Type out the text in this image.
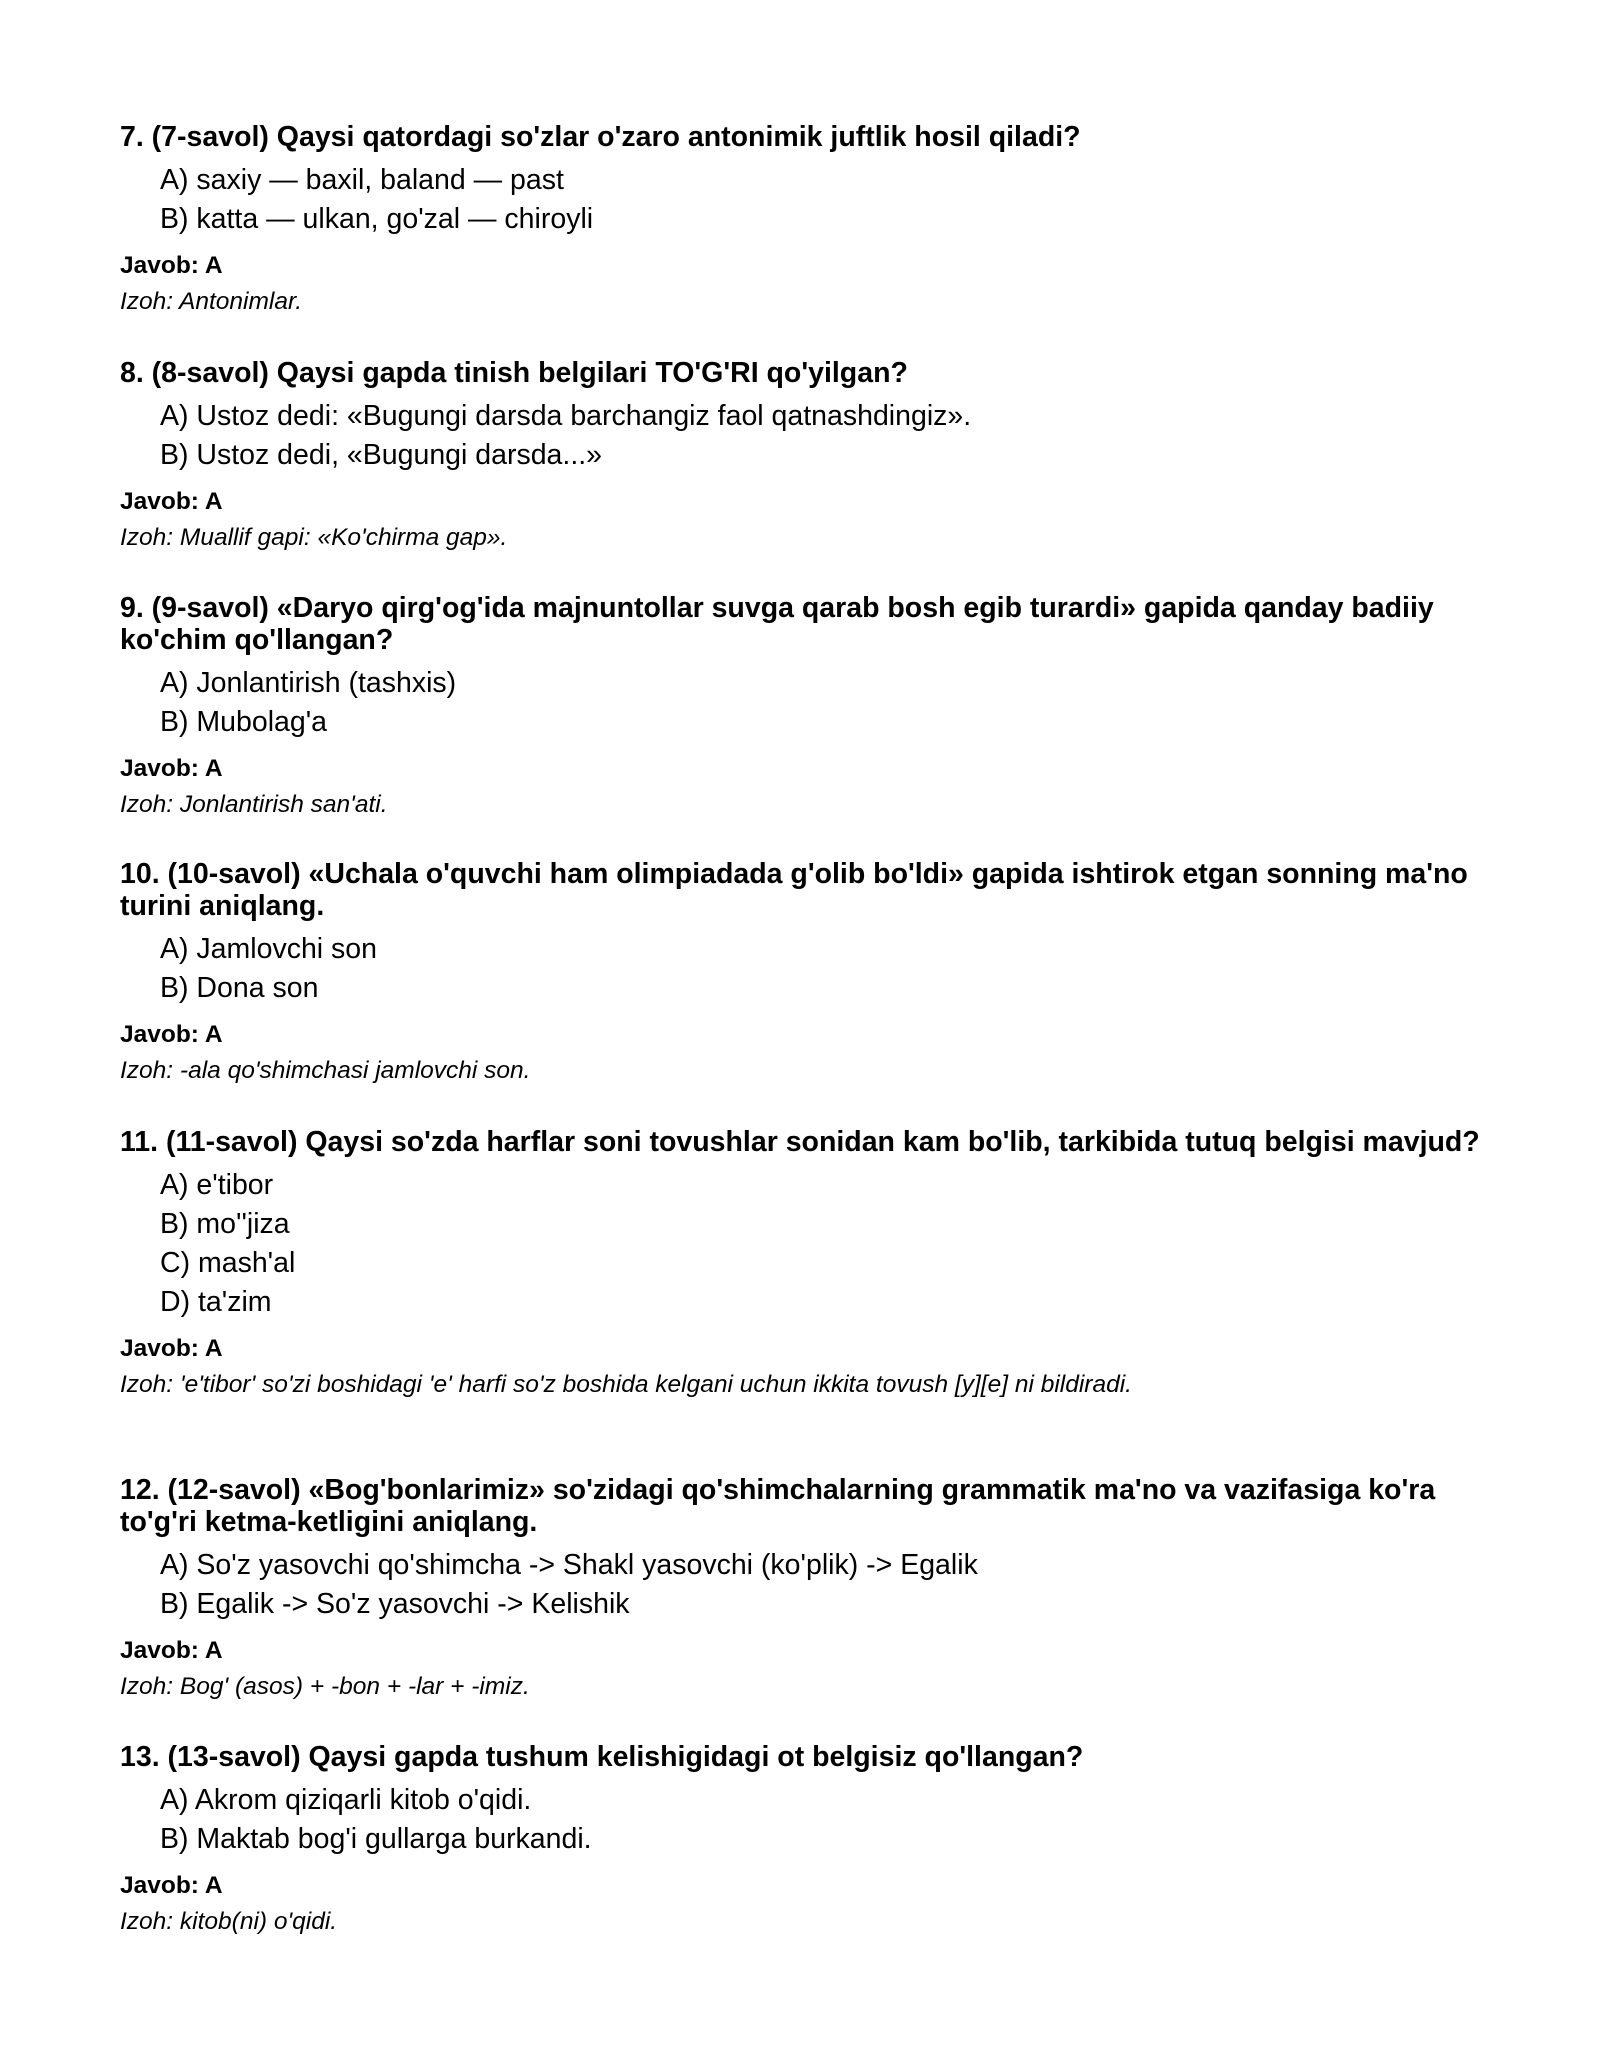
7. (7-savol) Qaysi qatordagi so'zlar o'zaro antonimik juftlik hosil qiladi?
A) saxiy — baxil, baland — past
B) katta — ulkan, go'zal — chiroyli
Javob: A
Izoh: Antonimlar.
8. (8-savol) Qaysi gapda tinish belgilari TO'G'RI qo'yilgan?
A) Ustoz dedi: «Bugungi darsda barchangiz faol qatnashdingiz».
B) Ustoz dedi, «Bugungi darsda...»
Javob: A
Izoh: Muallif gapi: «Ko'chirma gap».
9. (9-savol) «Daryo qirg'og'ida majnuntollar suvga qarab bosh egib turardi» gapida qanday badiiy ko'chim qo'llangan?
A) Jonlantirish (tashxis)
B) Mubolag'a
Javob: A
Izoh: Jonlantirish san'ati.
10. (10-savol) «Uchala o'quvchi ham olimpiadada g'olib bo'ldi» gapida ishtirok etgan sonning ma'no turini aniqlang.
A) Jamlovchi son
B) Dona son
Javob: A
Izoh: -ala qo'shimchasi jamlovchi son.
11. (11-savol) Qaysi so'zda harflar soni tovushlar sonidan kam bo'lib, tarkibida tutuq belgisi mavjud?
A) e'tibor
B) mo''jiza
C) mash'al
D) ta'zim
Javob: A
Izoh: 'e'tibor' so'zi boshidagi 'e' harfi so'z boshida kelgani uchun ikkita tovush [y][e] ni bildiradi.
12. (12-savol) «Bog'bonlarimiz» so'zidagi qo'shimchalarning grammatik ma'no va vazifasiga ko'ra to'g'ri ketma-ketligini aniqlang.
A) So'z yasovchi qo'shimcha -> Shakl yasovchi (ko'plik) -> Egalik
B) Egalik -> So'z yasovchi -> Kelishik
Javob: A
Izoh: Bog' (asos) + -bon + -lar + -imiz.
13. (13-savol) Qaysi gapda tushum kelishigidagi ot belgisiz qo'llangan?
A) Akrom qiziqarli kitob o'qidi.
B) Maktab bog'i gullarga burkandi.
Javob: A
Izoh: kitob(ni) o'qidi.
